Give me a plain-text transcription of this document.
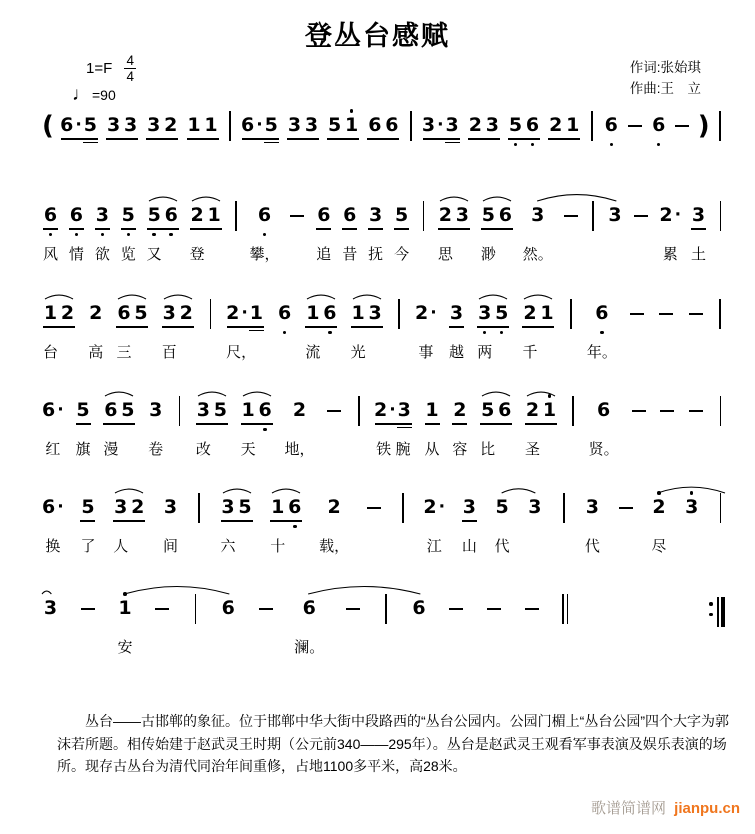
登丛台感赋
$1=F \frac{4}{4}$
♩ =90
作词:张始琪
作曲:王　立
( 6 · 5 3 3 3 2 1 1 6 · 5 3 3 5 1 6 6 3 · 3 2 3 5 6 2 1 6 6 )
6
风
6
情
3
欲
5
览
5 6
又
2 1
登
6
攀，
6
追
6
昔
3
抚
5
今
2 3
思
5 6
渺
3
然。
3 2 ·
累
3
土
1 2
台
2
高
6 5
三
3 2
百
2 · 1
尺，
6 1 6
流
1 3
光
2 ·
事
3
越
3 5
两
2 1
千
6
年。
6 ·
红
5
旗
6 5
漫
3
卷
3 5
改
1 6
天
2
地，
2 · 3
铁 腕
1
从
2
容
5 6
比
2 1
圣
6
贤。
6 ·
换
5
了
3 2
人
3
间
3 5
六
1 6
十
2
载，
2 ·
江
3
山
5
代
3 3
代
2
尽
3
3	1
安
6	6
澜。
6

丛台——古邯郸的象征。位于邯郸中华大街中段路西的“丛台公园内。公园门楣上“丛台公园”四个大字为郭沫若所题。相传始建于赵武灵王时期（公元前340——295年）。丛台是赵武灵王观看军事表演及娱乐表演的场所。现存古丛台为清代同治年间重修，占地1100多平米，高28米。

歌谱简谱网 jianpu.cn
